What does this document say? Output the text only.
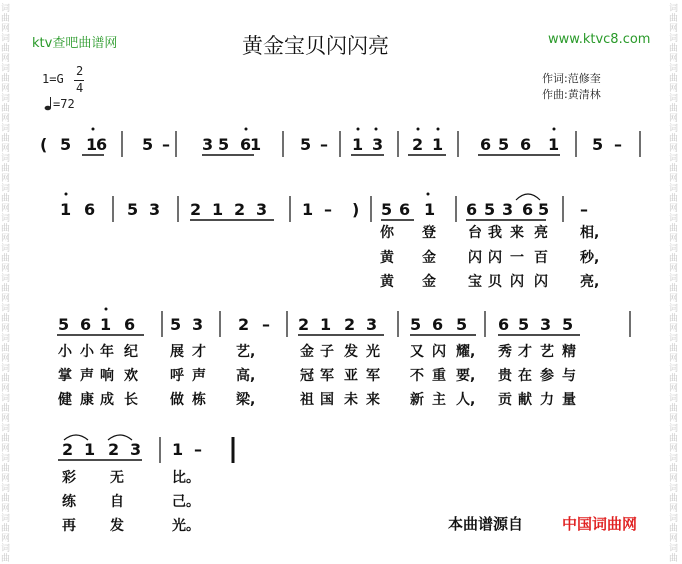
词
曲
网
词
曲
网
词
曲
网
词
曲
网
词
曲
网
词
曲
网
词
曲
网
词
曲
网
词
曲
网
词
曲
网
词
曲
网
词
曲
网
词
曲
网
词
曲
网
词
曲
网
词
曲
网
词
曲
网
词
曲
网
词
曲
词
曲
网
词
曲
网
词
曲
网
词
曲
网
词
曲
网
词
曲
网
词
曲
网
词
曲
网
词
曲
网
词
曲
网
词
曲
网
词
曲
网
词
曲
网
词
曲
网
词
曲
网
词
曲
网
词
曲
网
词
曲
网
词
曲
ktv查吧曲谱网	www.ktvc8.com
黄金宝贝闪闪亮
作词:范修奎
作曲:黄清林
1=G
2
4
=72
( 5 1
6 5 – 3 5 6
1 5 – 1 3 2 1 6 5 6 1 5 –
1 6 5 3 2 1 2 3 1 – ) 5 6 1 6 5 3 6 5 –
5 6 1 6 5 3 2 – 2 1 2 3 5 6 5 6 5 3 5
2 1 2 3 1 –
你 登 台 我 来 亮 相,
黄 金 闪 闪 一 百 秒,
黄 金 宝 贝 闪 闪 亮,
小 小 年 纪 展 才 艺,	金 子 发 光 又 闪 耀, 秀 才 艺 精
掌 声 响 欢 呼 声 高,	冠 军 亚 军 不 重 要, 贵 在 参 与
健 康 成 长 做 栋 梁,	祖 国 未 来 新 主 人, 贡 献 力 量
彩 无	比。
练 自	己。
再 发	光。	本曲谱源自	中国词曲网
